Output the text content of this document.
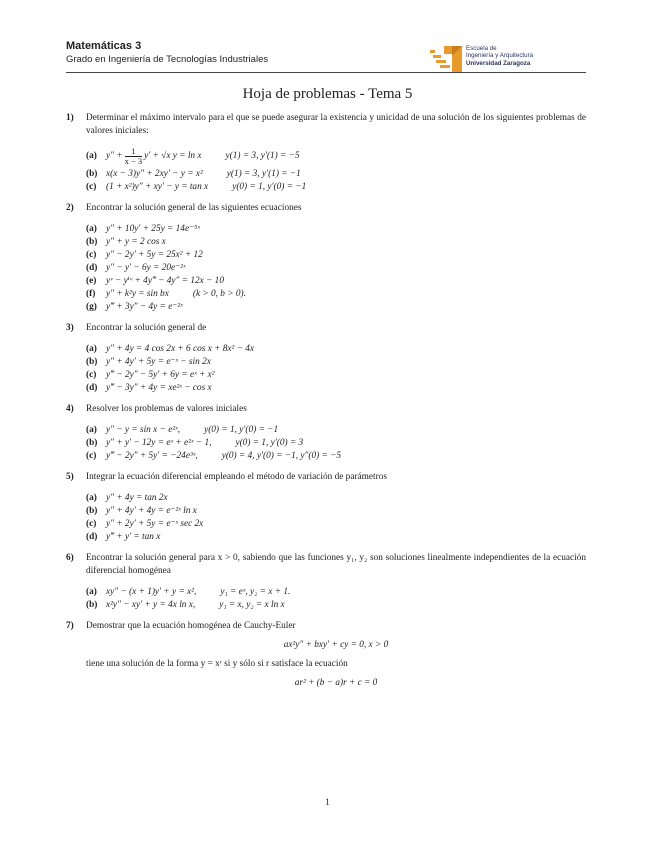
Matemáticas 3
Grado en Ingeniería de Tecnologías Industriales
Escuela de
Ingeniería y Arquitectura
Universidad Zaragoza
Hoja de problemas - Tema 5
1) Determinar el máximo intervalo para el que se puede asegurar la existencia y unicidad de una solución de los siguientes problemas de valores iniciales:
(a) $y'' + \frac{1}{x - 3} y' + √x$ y = ln x	y(1) = 3, y′(1) = −5
(b) x(x − 3)y″ + 2xy′ − y = x²	y(1) = 3, y′(1) = −1
(c)	(1 + x²)y″ + xy′ − y = tan x	y(0) = 1, y′(0) = −1
2) Encontrar la solución general de las siguientes ecuaciones
(a) y″ + 10y′ + 25y = 14e⁻⁵ˣ
(b) y″ + y = 2 cos x
(c)	y″ − 2y′ + 5y = 25x² + 12
(d) y″ − y′ − 6y = 20e⁻²ˣ
(e)	yᵛ − yⁱᵛ + 4y‴ − 4y″ = 12x − 10
(f)	y″ + k²y = sin bx	(k > 0, b > 0).
(g) y‴ + 3y″ − 4y = e⁻²ˣ
3) Encontrar la solución general de
(a) y″ + 4y = 4 cos 2x + 6 cos x + 8x² − 4x
(b) y″ + 4y′ + 5y = e⁻ˣ − sin 2x
(c)	y‴ − 2y″ − 5y′ + 6y = eˣ + x²
(d) y‴ − 3y″ + 4y = xe²ˣ − cos x
4) Resolver los problemas de valores iniciales
(a) y″ − y = sin x − e²ˣ,	y(0) = 1, y′(0) = −1
(b) y″ + y′ − 12y = eˣ + e²ˣ − 1,	y(0) = 1, y′(0) = 3
(c)	y‴ − 2y″ + 5y′ = −24e³ˣ,	y(0) = 4, y′(0) = −1, y″(0) = −5
5) Integrar la ecuación diferencial empleando el método de variación de parámetros
(a) y″ + 4y = tan 2x
(b) y″ + 4y′ + 4y = e⁻²ˣ ln x
(c)	y″ + 2y′ + 5y = e⁻ˣ sec 2x
(d) y‴ + y′ = tan x
6) Encontrar la solución general para x > 0, sabiendo que las funciones y₁, y₂ son soluciones linealmente independientes de la ecuación diferencial homogénea
(a) xy″ − (x + 1)y′ + y = x²,	y₁ = eˣ, y₂ = x + 1.
(b) x²y″ − xy′ + y = 4x ln x,	y₁ = x, y₂ = x ln x
7) Demostrar que la ecuación homogénea de Cauchy-Euler
ax²y″ + bxy′ + cy = 0, x > 0
tiene una solución de la forma y = xʳ si y sólo si r satisface la ecuación
ar² + (b − a)r + c = 0
1
